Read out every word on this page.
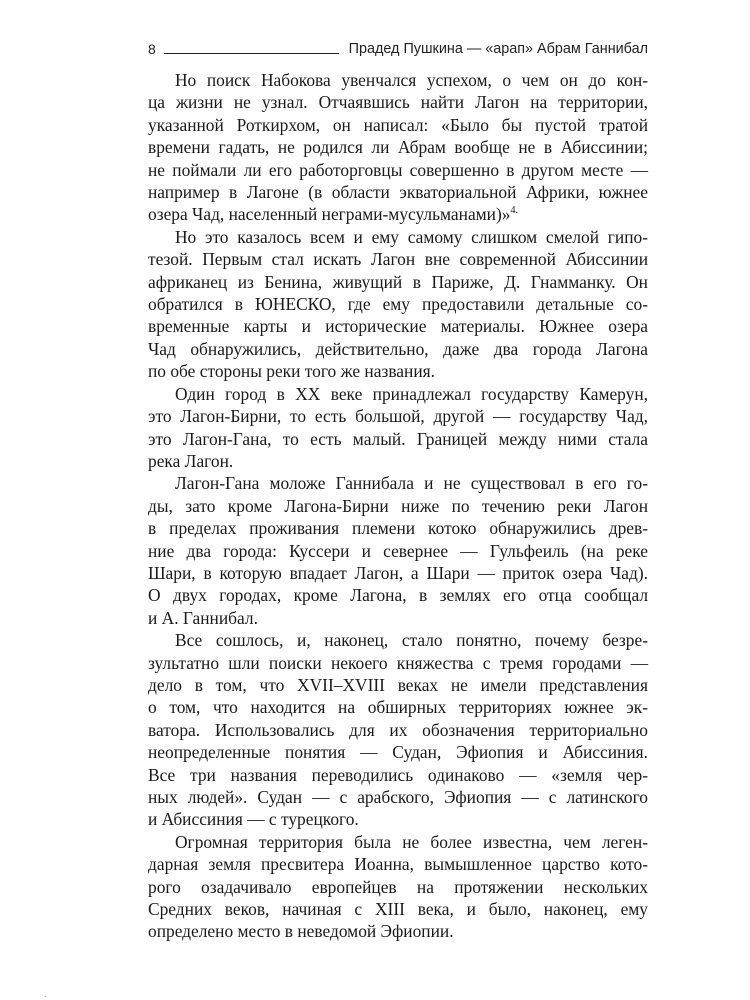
8	Прадед Пушкина — «арап» Абрам Ганнибал
Но поиск Набокова увенчался успехом, о чем он до кон-
ца жизни не узнал. Отчаявшись найти Лагон на территории,
указанной Роткирхом, он написал: «Было бы пустой тратой
времени гадать, не родился ли Абрам вообще не в Абиссинии;
не поймали ли его работорговцы совершенно в другом месте —
например в Лагоне (в области экваториальной Африки, южнее
озера Чад, населенный неграми-мусульманами)»$^{4.}$
Но это казалось всем и ему самому слишком смелой гипо-
тезой. Первым стал искать Лагон вне современной Абиссинии
африканец из Бенина, живущий в Париже, Д. Гнамманку. Он
обратился в ЮНЕСКО, где ему предоставили детальные со-
временные карты и исторические материалы. Южнее озера
Чад обнаружились, действительно, даже два города Лагона
по обе стороны реки того же названия.
Один город в XX веке принадлежал государству Камерун,
это Лагон-Бирни, то есть большой, другой — государству Чад,
это Лагон-Гана, то есть малый. Границей между ними стала
река Лагон.
Лагон-Гана моложе Ганнибала и не существовал в его го-
ды, зато кроме Лагона-Бирни ниже по течению реки Лагон
в пределах проживания племени котоко обнаружились древ-
ние два города: Куссери и севернее — Гульфеиль (на реке
Шари, в которую впадает Лагон, а Шари — приток озера Чад).
О двух городах, кроме Лагона, в землях его отца сообщал
и А. Ганнибал.
Все сошлось, и, наконец, стало понятно, почему безре-
зультатно шли поиски некоего княжества с тремя городами —
дело в том, что XVII–XVIII веках не имели представления
о том, что находится на обширных территориях южнее эк-
ватора. Использовались для их обозначения территориально
неопределенные понятия — Судан, Эфиопия и Абиссиния.
Все три названия переводились одинаково — «земля чер-
ных людей». Судан — с арабского, Эфиопия — с латинского
и Абиссиния — с турецкого.
Огромная территория была не более известна, чем леген-
дарная земля пресвитера Иоанна, вымышленное царство кото-
рого озадачивало европейцев на протяжении нескольких
Средних веков, начиная с XIII века, и было, наконец, ему
определено место в неведомой Эфиопии.
.
